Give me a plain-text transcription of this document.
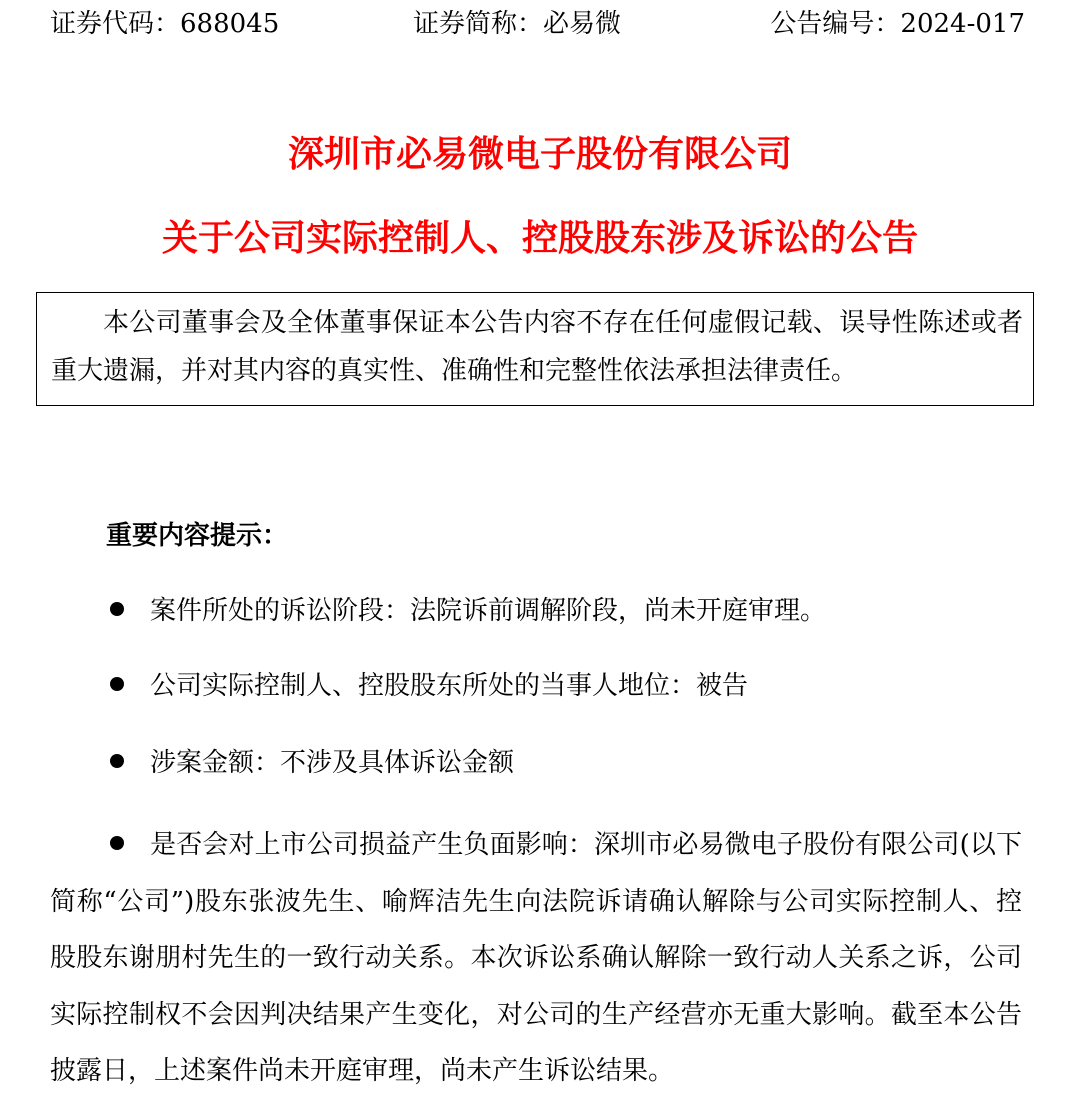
证券代码：688045	证券简称：必易微	公告编号：2024-017
深圳市必易微电子股份有限公司
关于公司实际控制人、控股股东涉及诉讼的公告

本公司董事会及全体董事保证本公告内容不存在任何虚假记载、误导性陈述或者重大遗漏，并对其内容的真实性、准确性和完整性依法承担法律责任。

重要内容提示：
案件所处的诉讼阶段：法院诉前调解阶段，尚未开庭审理。
公司实际控制人、控股股东所处的当事人地位：被告
涉案金额：不涉及具体诉讼金额

是否会对上市公司损益产生负面影响：深圳市必易微电子股份有限公司(以下简称“公司”)股东张波先生、喻辉洁先生向法院诉请确认解除与公司实际控制人、控股股东谢朋村先生的一致行动关系。本次诉讼系确认解除一致行动人关系之诉，公司实际控制权不会因判决结果产生变化，对公司的生产经营亦无重大影响。截至本公告披露日，上述案件尚未开庭审理，尚未产生诉讼结果。
